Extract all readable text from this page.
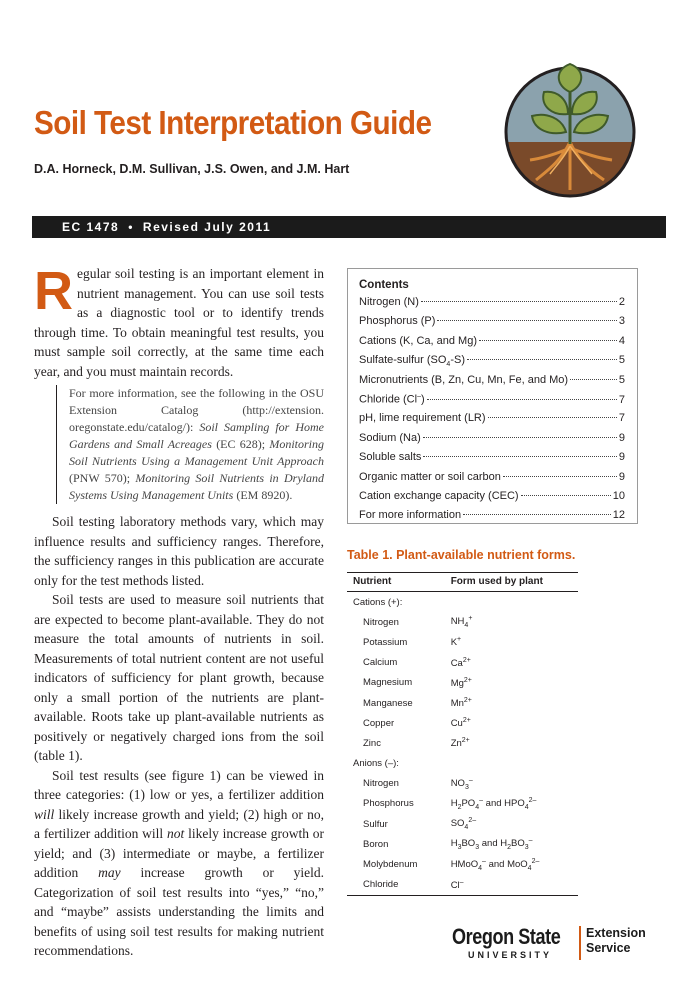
Soil Test Interpretation Guide
D.A. Horneck, D.M. Sullivan, J.S. Owen, and J.M. Hart
EC 1478 • Revised July 2011

Regular soil testing is an important element in nutrient management. You can use soil tests as a diagnostic tool or to identify trends through time. To obtain meaningful test results, you must sample soil correctly, at the same time each year, and you must maintain records.

For more information, see the following in the OSU Extension Catalog (http://extension. oregonstate.edu/catalog/): Soil Sampling for Home Gardens and Small Acreages (EC 628); Monitoring Soil Nutrients Using a Management Unit Approach (PNW 570); Monitoring Soil Nutrients in Dryland Systems Using Management Units (EM 8920).

Soil testing laboratory methods vary, which may influence results and sufficiency ranges. Therefore, the sufficiency ranges in this publication are accurate only for the test methods listed.

Soil tests are used to measure soil nutrients that are expected to become plant-available. They do not measure the total amounts of nutrients in soil. Measurements of total nutrient content are not useful indicators of sufficiency for plant growth, because only a small portion of the nutrients are plant-available. Roots take up plant-available nutrients as positively or negatively charged ions from the soil (table 1).

Soil test results (see figure 1) can be viewed in three categories: (1) low or yes, a fertilizer addition will likely increase growth and yield; (2) high or no, a fertilizer addition will not likely increase growth or yield; and (3) intermediate or maybe, a fertilizer addition may increase growth or yield. Categorization of soil test results into “yes,” “no,” and “maybe” assists understanding the limits and benefits of using soil test results for making nutrient recommendations.

Contents
Nitrogen (N)	2
Phosphorus (P)	3
Cations (K, Ca, and Mg)	4
Sulfate-sulfur $(SO_4-S)$	5
Micronutrients (B, Zn, Cu, Mn, Fe, and Mo)	5
Chloride (Cl–)	7
pH, lime requirement (LR)	7
Sodium (Na)	9
Soluble salts	9
Organic matter or soil carbon	9
Cation exchange capacity (CEC)	10
For more information	12
Table 1. Plant-available nutrient forms.
Nutrient	Form used by plant
Cations (+):	
Nitrogen	$NH_4^+$
Potassium	K+
Calcium	$Ca^{2+}$
Magnesium	$Mg^{2+}$
Manganese	$Mn^{2+}$
Copper	$Cu^{2+}$
Zinc	$Zn^{2+}$
Anions (–):	
Nitrogen	$NO_3^-$
Phosphorus	$H_2PO_4^-$ and $HPO_4^{2-}$
Sulfur	$SO_4^{2-}$
Boron	$H_3BO_3$ and $H_2BO_3^-$
Molybdenum	HMoO$_4$– and MoO$_4^{2-}$
Chloride	Cl–
Oregon State
UNIVERSITY
Extension
Service
